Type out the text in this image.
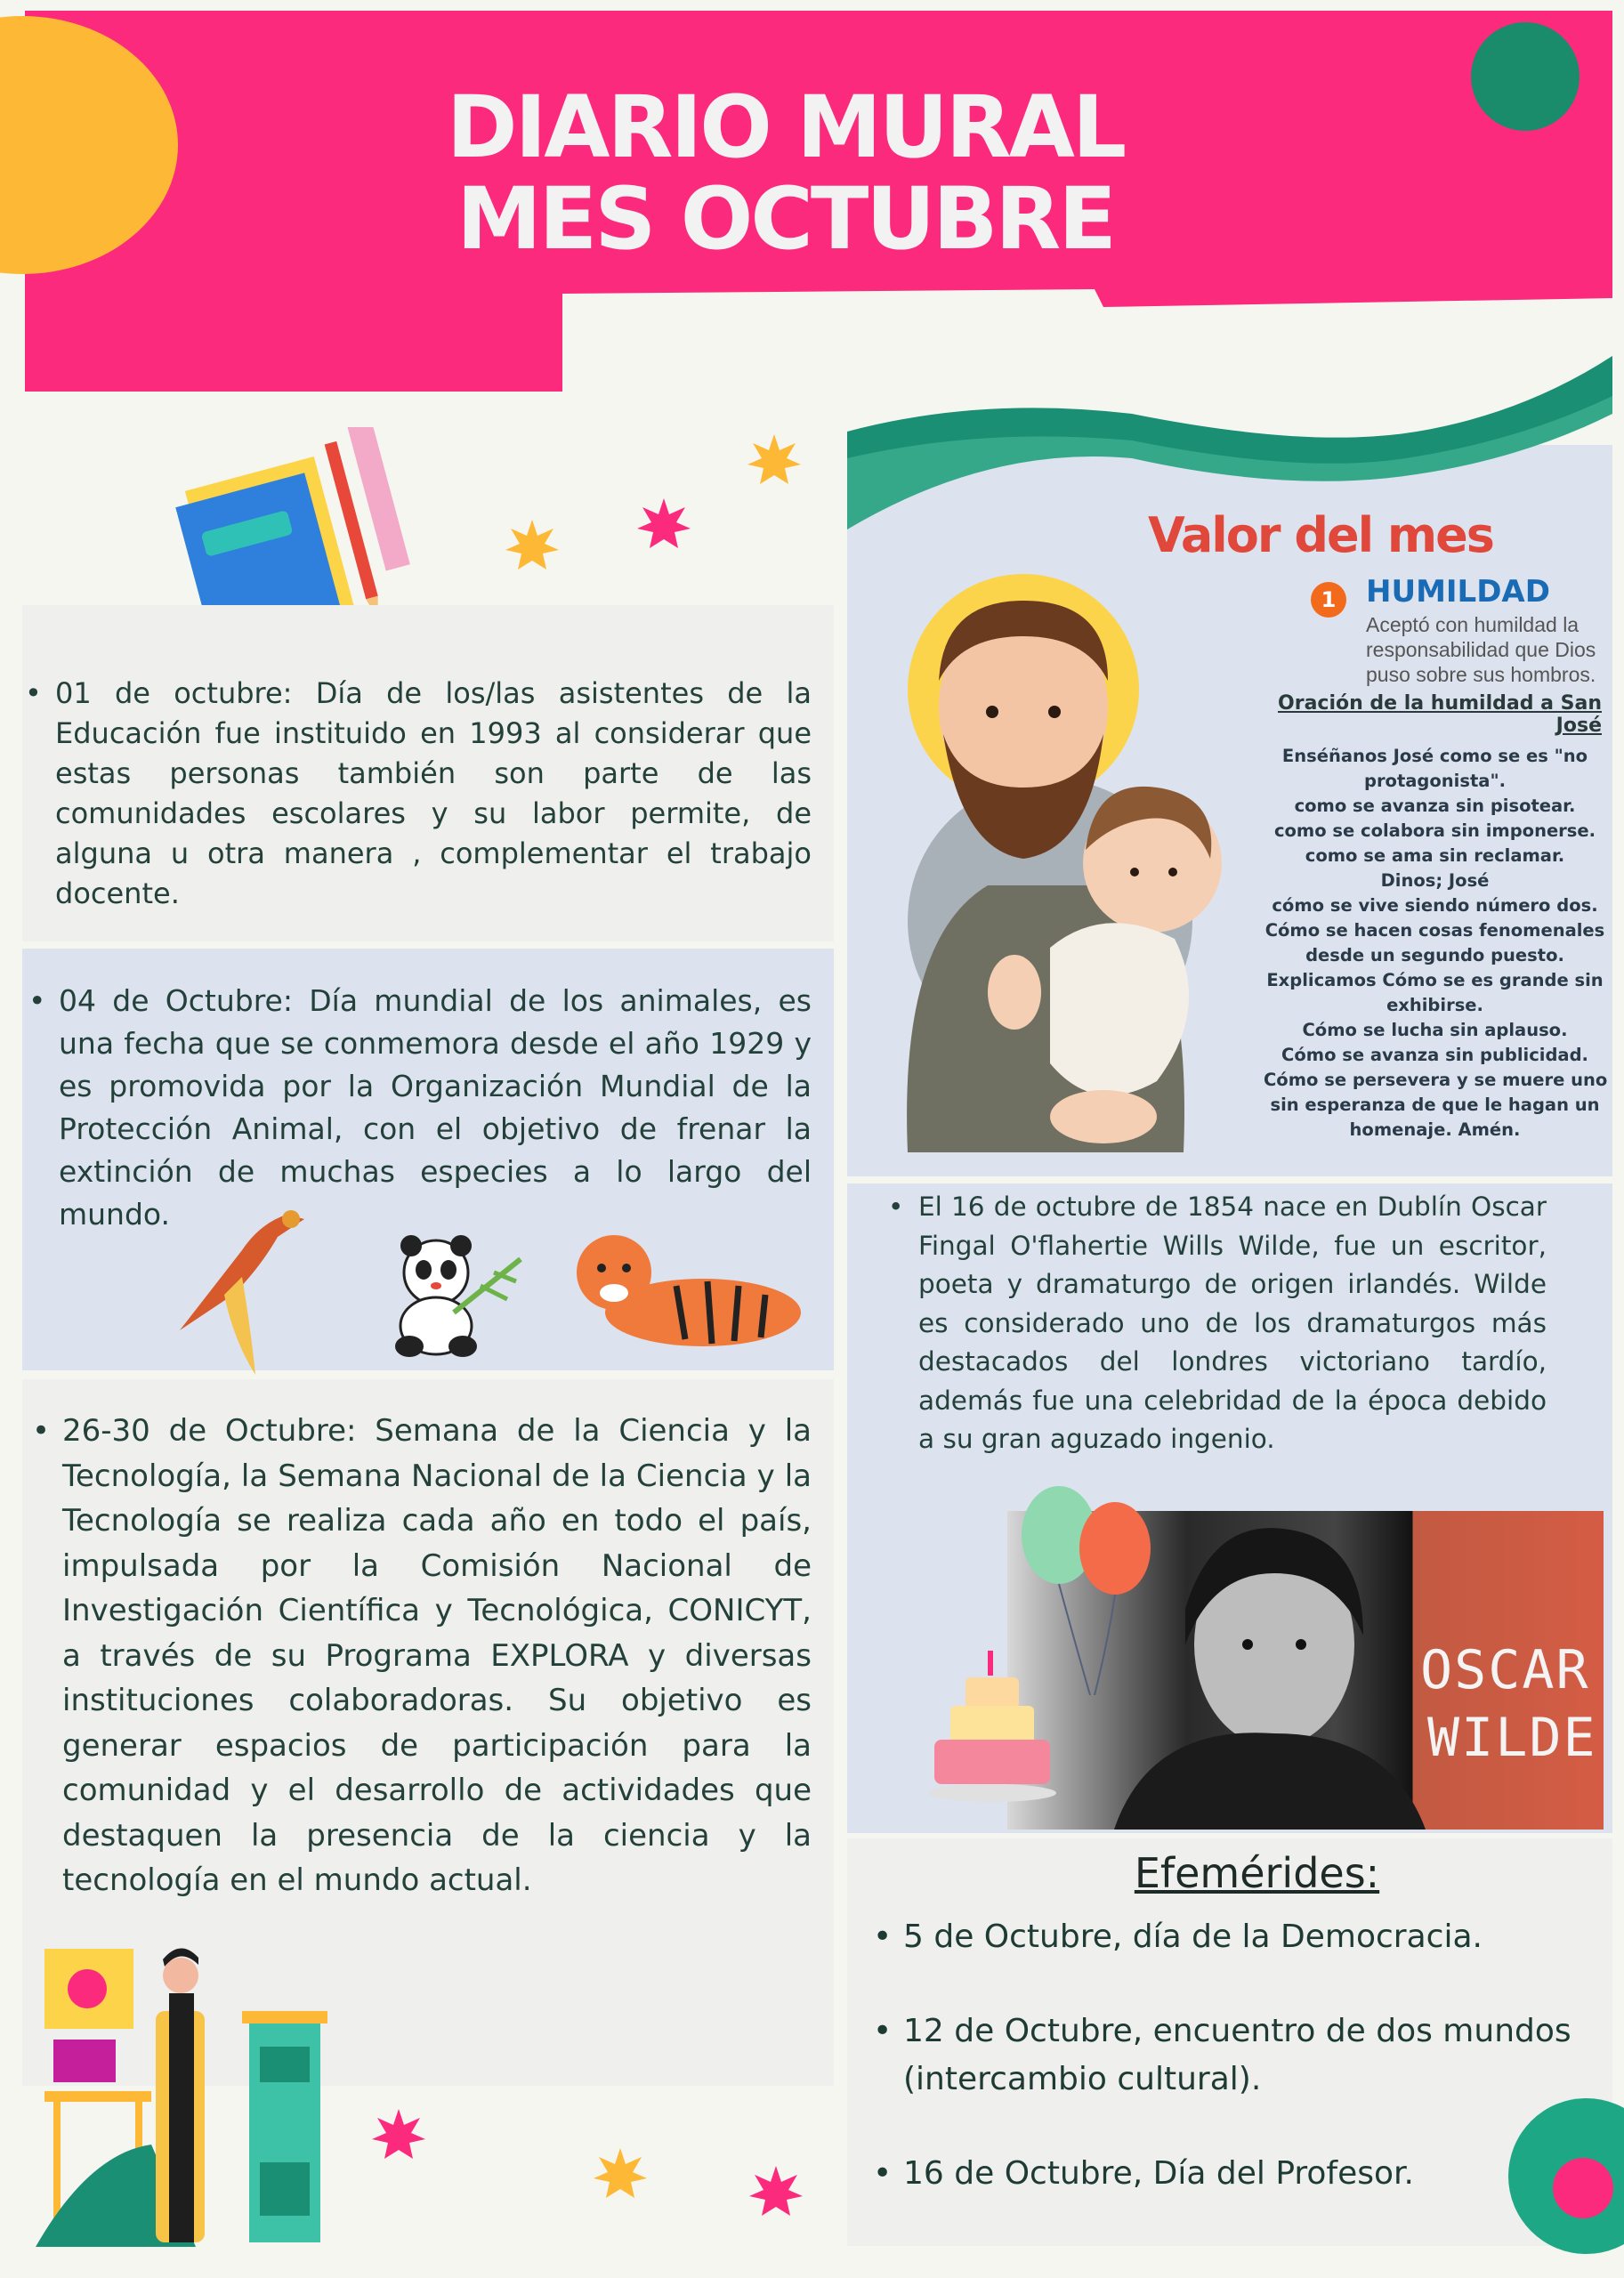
DIARIO MURAL
MES OCTUBRE

• 01 de octubre: Día de los/las asistentes de la Educación fue instituido en 1993 al considerar que estas personas también son parte de las comunidades escolares y su labor permite, de alguna u otra manera , complementar el trabajo docente.

• 04 de Octubre: Día mundial de los animales, es una fecha que se conmemora desde el año 1929 y es promovida por la Organización Mundial de la Protección Animal, con el objetivo de frenar la extinción de muchas especies a lo largo del mundo.

• 26-30 de Octubre: Semana de la Ciencia y la Tecnología, la Semana Nacional de la Ciencia y la Tecnología se realiza cada año en todo el país, impulsada por la Comisión Nacional de Investigación Científica y Tecnológica, CONICYT, a través de su Programa EXPLORA y diversas instituciones colaboradoras. Su objetivo es generar espacios de participación para la comunidad y el desarrollo de actividades que destaquen la presencia de la ciencia y la tecnología en el mundo actual.

Valor del mes
1 HUMILDAD
Aceptó con humildad la responsabilidad que Dios puso sobre sus hombros.
Oración de la humildad a San José
Enséñanos José como se es "no
protagonista".
como se avanza sin pisotear.
como se colabora sin imponerse.
como se ama sin reclamar.
Dinos; José
cómo se vive siendo número dos.
Cómo se hacen cosas fenomenales
desde un segundo puesto.
Explicamos Cómo se es grande sin
exhibirse.
Cómo se lucha sin aplauso.
Cómo se avanza sin publicidad.
Cómo se persevera y se muere uno
sin esperanza de que le hagan un
homenaje. Amén.

• El 16 de octubre de 1854 nace en Dublín Oscar Fingal O'flahertie Wills Wilde, fue un escritor, poeta y dramaturgo de origen irlandés. Wilde es considerado uno de los dramaturgos más destacados del londres victoriano tardío, además fue una celebridad de la época debido a su gran aguzado ingenio.

OSCAR
WILDE
Efemérides:
• 5 de Octubre, día de la Democracia.
• 12 de Octubre, encuentro de dos mundos (intercambio cultural).
• 16 de Octubre, Día del Profesor.
